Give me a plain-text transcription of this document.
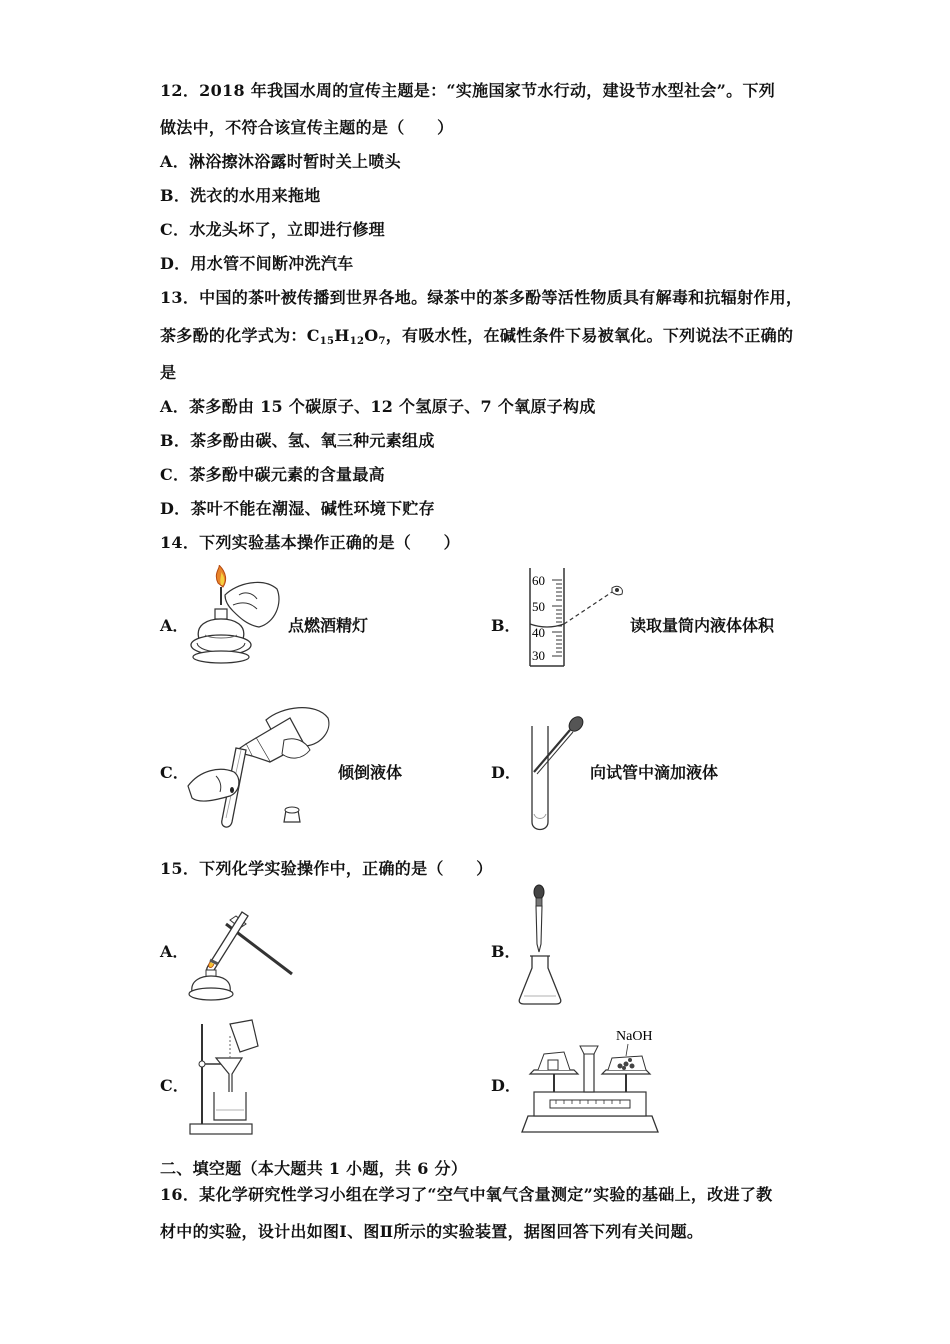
12．2018 年我国水周的宣传主题是：“实施国家节水行动，建设节水型社会”。下列
做法中，不符合该宣传主题的是（　　）
A．淋浴擦沐浴露时暂时关上喷头
B．洗衣的水用来拖地
C．水龙头坏了，立即进行修理
D．用水管不间断冲洗汽车
13．中国的茶叶被传播到世界各地。绿茶中的茶多酚等活性物质具有解毒和抗辐射作用，
茶多酚的化学式为：$C_{15}H_{12}O_7$，有吸水性，在碱性条件下易被氧化。下列说法不正确的
是
A．茶多酚由 15 个碳原子、12 个氢原子、7 个氧原子构成
B．茶多酚由碳、氢、氧三种元素组成
C．茶多酚中碳元素的含量最高
D．茶叶不能在潮湿、碱性环境下贮存
14．下列实验基本操作正确的是（　　）
A．	点燃酒精灯	B．
60
50
40
30
读取量筒内液体体积
C．	倾倒液体	D．	向试管中滴加液体
15．下列化学实验操作中，正确的是（　　）
A．	B．
C．	D．
NaOH
二、填空题（本大题共 1 小题，共 6 分）
16．某化学研究性学习小组在学习了“空气中氧气含量测定”实验的基础上，改进了教
材中的实验，设计出如图Ⅰ、图Ⅱ所示的实验装置，据图回答下列有关问题。
